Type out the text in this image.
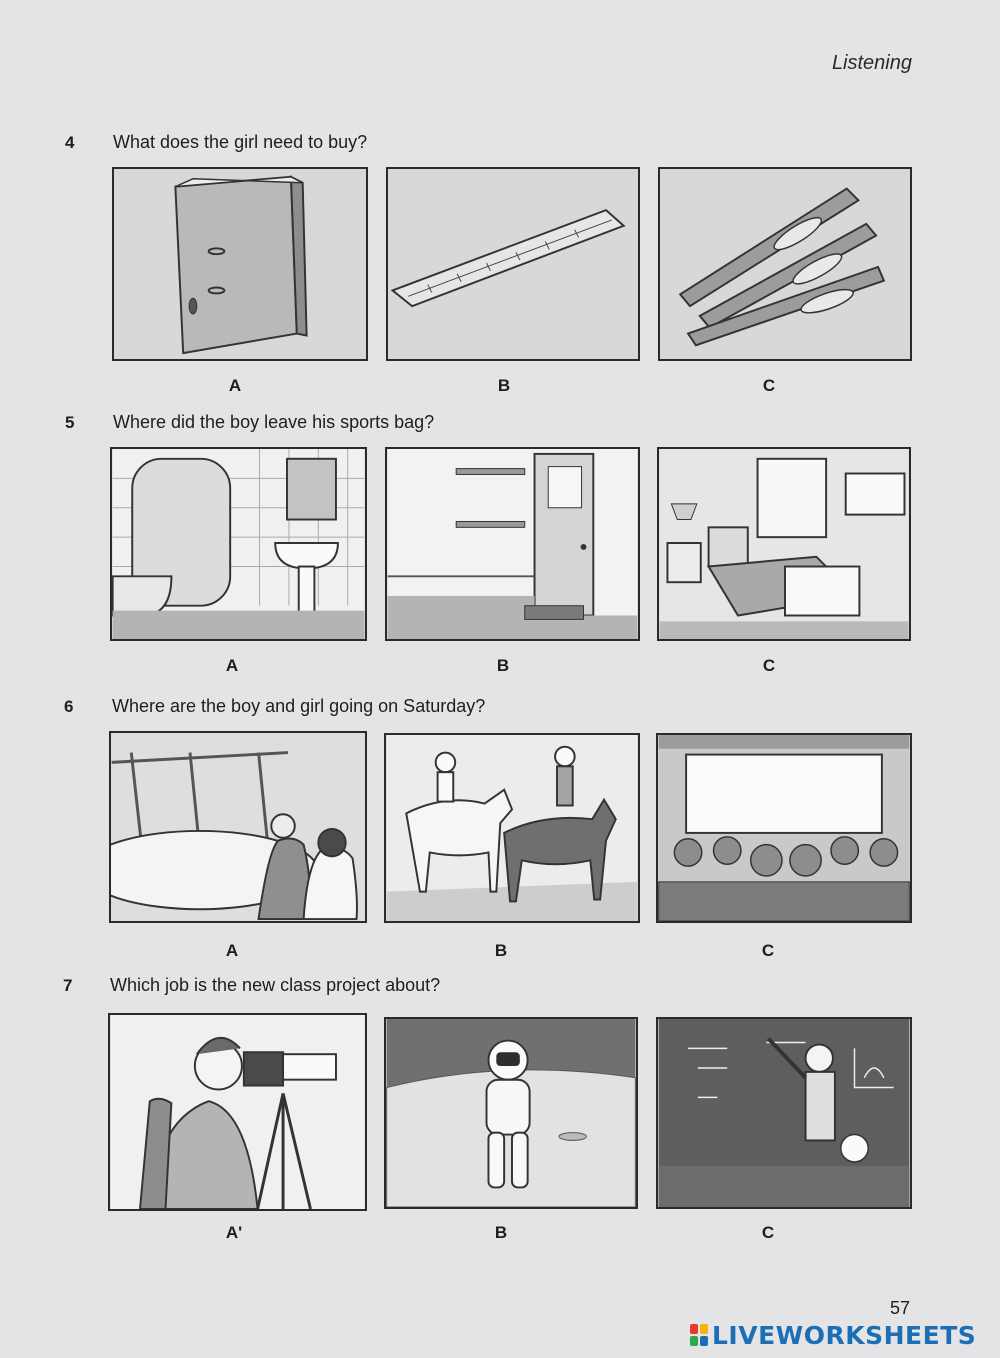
Listening
4 What does the girl need to buy?
A	B	C
5 Where did the boy leave his sports bag?
A	B	C
6 Where are the boy and girl going on Saturday?
A	B	C
7 Which job is the new class project about?
A'	B	C
57
LIVEWORKSHEETS
